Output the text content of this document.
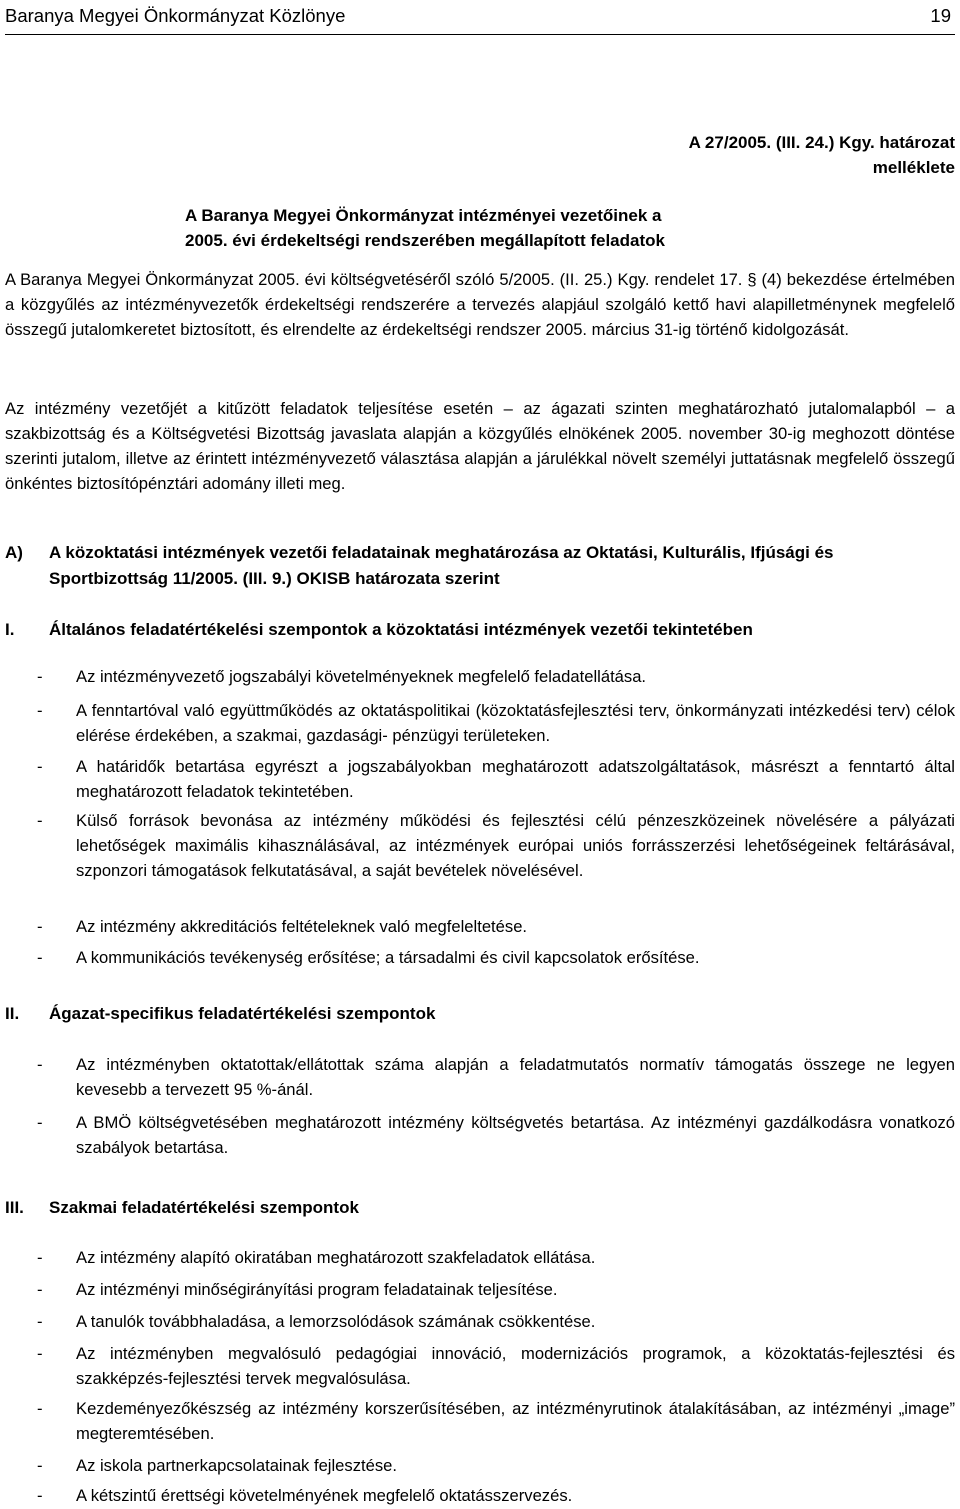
Baranya Megyei Önkormányzat Közlönye	19
A 27/2005. (III. 24.) Kgy. határozat
melléklete
A Baranya Megyei Önkormányzat intézményei vezetőinek a
2005. évi érdekeltségi rendszerében megállapított feladatok

A Baranya Megyei Önkormányzat 2005. évi költségvetéséről szóló 5/2005. (II. 25.) Kgy. rendelet 17. § (4) bekezdése értelmében a közgyűlés az intézményvezetők érdekeltségi rendszerére a tervezés alapjául szolgáló kettő havi alapilletménynek megfelelő összegű jutalomkeretet biztosított, és elrendelte az érdekeltségi rendszer 2005. március 31-ig történő kidolgozását.

Az intézmény vezetőjét a kitűzött feladatok teljesítése esetén – az ágazati szinten meghatározható jutalomalapból – a szakbizottság és a Költségvetési Bizottság javaslata alapján a közgyűlés elnökének 2005. november 30-ig meghozott döntése szerinti jutalom, illetve az érintett intézményvezető választása alapján a járulékkal növelt személyi juttatásnak megfelelő összegű önkéntes biztosítópénztári adomány illeti meg.

A)	A közoktatási intézmények vezetői feladatainak meghatározása az Oktatási, Kulturális, Ifjúsági és Sportbizottság 11/2005. (III. 9.) OKISB határozata szerint
I.	Általános feladatértékelési szempontok a közoktatási intézmények vezetői tekintetében
-	Az intézményvezető jogszabályi követelményeknek megfelelő feladatellátása.
-	A fenntartóval való együttműködés az oktatáspolitikai (közoktatásfejlesztési terv, önkormányzati intézkedési terv) célok elérése érdekében, a szakmai, gazdasági- pénzügyi területeken.
-	A határidők betartása egyrészt a jogszabályokban meghatározott adatszolgáltatások, másrészt a fenntartó által meghatározott feladatok tekintetében.
-	Külső források bevonása az intézmény működési és fejlesztési célú pénzeszközeinek növelésére a pályázati lehetőségek maximális kihasználásával, az intézmények európai uniós forrásszerzési lehetőségeinek feltárásával, szponzori támogatások felkutatásával, a saját bevételek növelésével.
-	Az intézmény akkreditációs feltételeknek való megfeleltetése.
-	A kommunikációs tevékenység erősítése; a társadalmi és civil kapcsolatok erősítése.
II.	Ágazat-specifikus feladatértékelési szempontok
-	Az intézményben oktatottak/ellátottak száma alapján a feladatmutatós normatív támogatás összege ne legyen kevesebb a tervezett 95 %-ánál.
-	A BMÖ költségvetésében meghatározott intézmény költségvetés betartása. Az intézményi gazdálkodásra vonatkozó szabályok betartása.
III.	Szakmai feladatértékelési szempontok
-	Az intézmény alapító okiratában meghatározott szakfeladatok ellátása.
-	Az intézményi minőségirányítási program feladatainak teljesítése.
-	A tanulók továbbhaladása, a lemorzsolódások számának csökkentése.
-	Az intézményben megvalósuló pedagógiai innováció, modernizációs programok, a közoktatás-fejlesztési és szakképzés-fejlesztési tervek megvalósulása.
-	Kezdeményezőkészség az intézmény korszerűsítésében, az intézményrutinok átalakításában, az intézményi „image” megteremtésében.
-	Az iskola partnerkapcsolatainak fejlesztése.
-	A kétszintű érettségi követelményének megfelelő oktatásszervezés.
